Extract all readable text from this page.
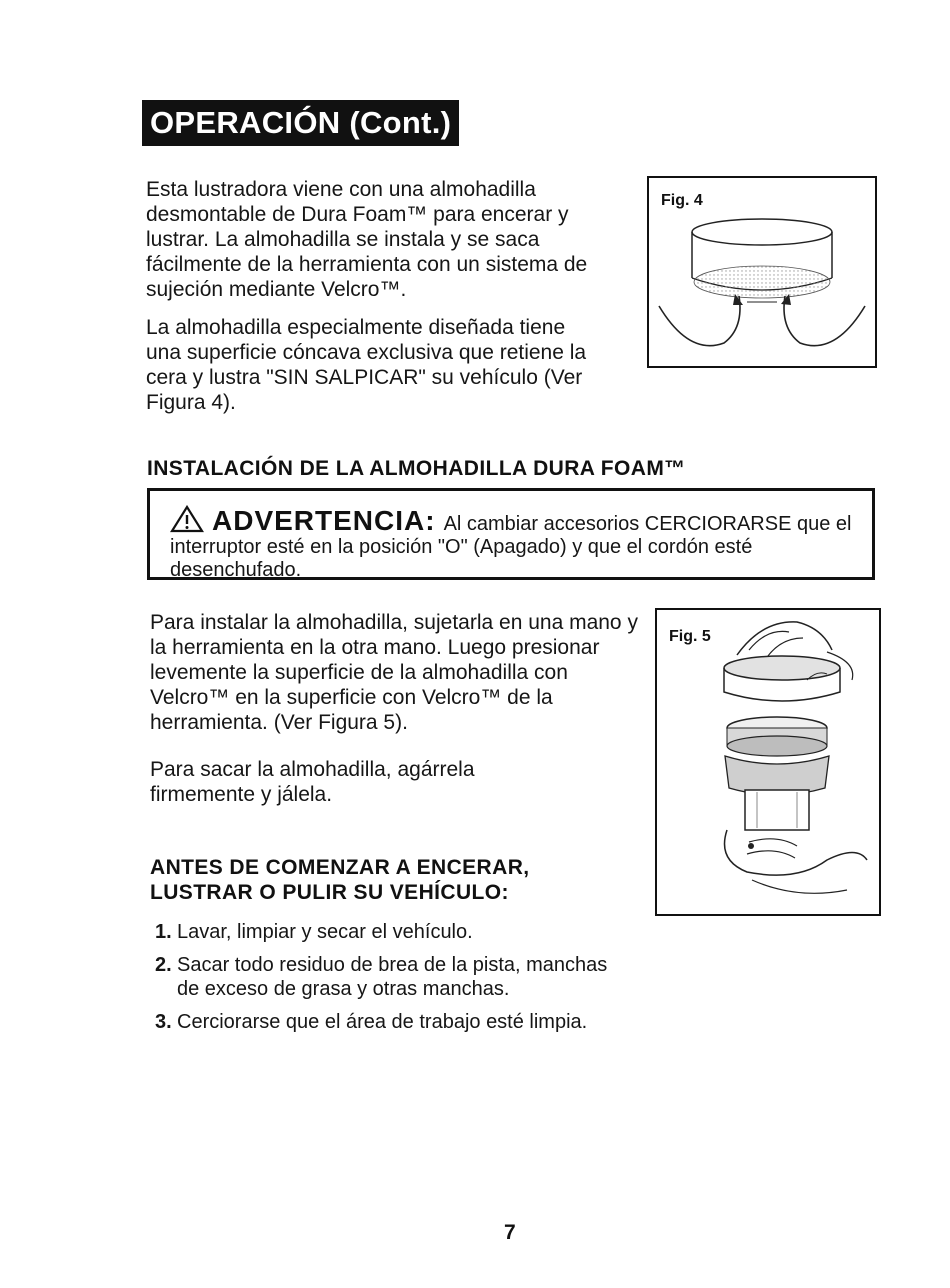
OPERACIÓN (Cont.)

Esta lustradora viene con una almohadilla desmontable de Dura Foam™ para encerar y lustrar. La almohadilla se instala y se saca fácilmente de la herramienta con un sistema de sujeción mediante Velcro™.

La almohadilla especialmente diseñada tiene una superficie cóncava exclusiva que retiene la cera y lustra "SIN SALPICAR" su vehículo (Ver Figura 4).

Fig. 4
INSTALACIÓN DE LA ALMOHADILLA DURA FOAM™
ADVERTENCIA: Al cambiar accesorios CERCIORARSE que el interruptor esté en la posición "O" (Apagado) y que el cordón esté desenchufado.

Para instalar la almohadilla, sujetarla en una mano y la herramienta en la otra mano. Luego presionar levemente la superficie de la almohadilla con Velcro™ en la superficie con Velcro™ de la herramienta. (Ver Figura 5).

Para sacar la almohadilla, agárrela firmemente y jálela.

Fig. 5
ANTES DE COMENZAR A ENCERAR,
LUSTRAR O PULIR SU VEHÍCULO:
1. Lavar, limpiar y secar el vehículo.
2. Sacar todo residuo de brea de la pista, manchas de exceso de grasa y otras manchas.
3. Cerciorarse que el área de trabajo esté limpia.
7
